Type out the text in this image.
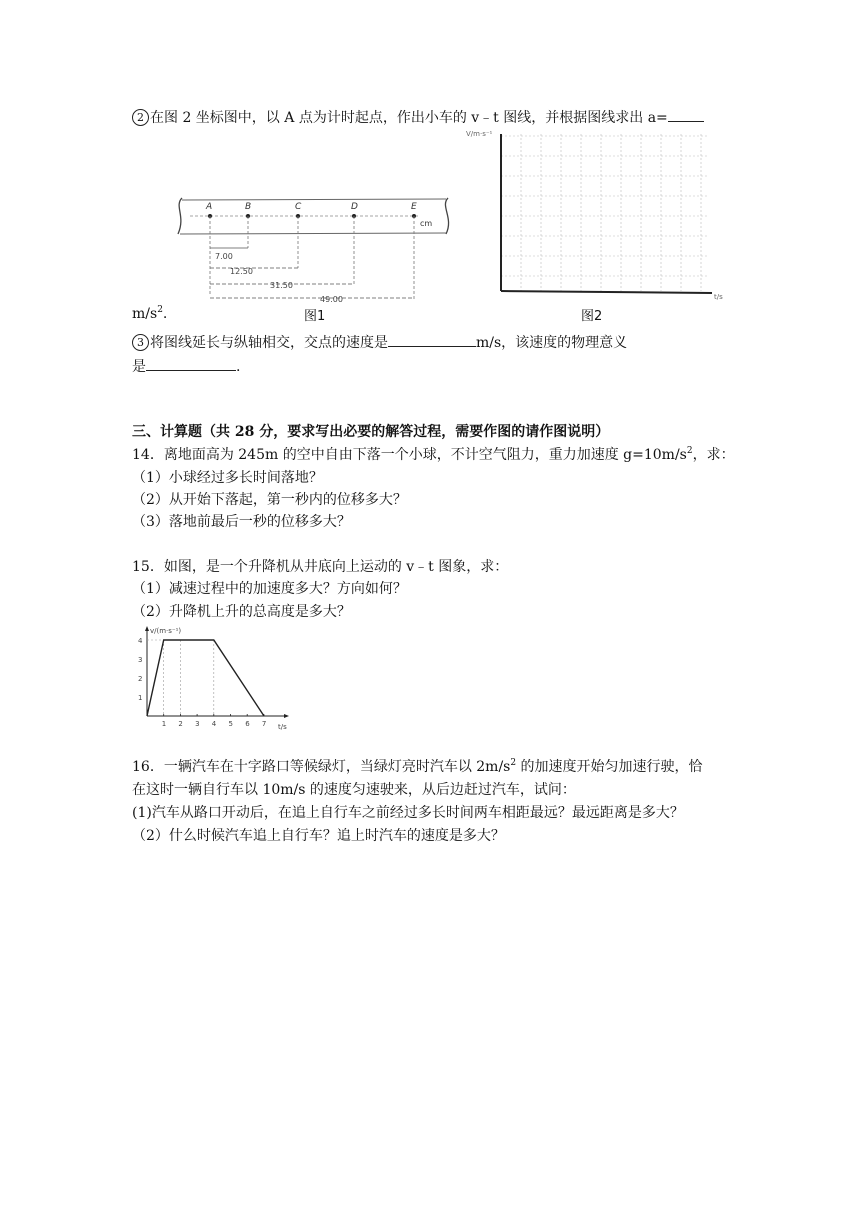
2 在图 2 坐标图中，以 A 点为计时起点，作出小车的 v﹣t 图线，并根据图线求出 a=
A	B	C	D	E
cm
7.00
12.50
31.50
49.00
V/m·s⁻¹
t/s
$m/s^2$.	图1	图2
3 将图线延长与纵轴相交，交点的速度是	m/s，该速度的物理意义
是	.
三、计算题（共 28 分，要求写出必要的解答过程，需要作图的请作图说明）
14．离地面高为 245m 的空中自由下落一个小球，不计空气阻力，重力加速度 $g=10m/s^2$，求：
（1）小球经过多长时间落地？
（2）从开始下落起，第一秒内的位移多大？
（3）落地前最后一秒的位移多大？
15．如图，是一个升降机从井底向上运动的 v﹣t 图象，求：
（1）减速过程中的加速度多大？方向如何？
（2）升降机上升的总高度是多大？
v/(m·s⁻¹)
t/s
1 2 3 4 5 6 7
4
3
2
1
16．一辆汽车在十字路口等候绿灯，当绿灯亮时汽车以 $2m/s^2$ 的加速度开始匀加速行驶，恰
在这时一辆自行车以 10m/s 的速度匀速驶来，从后边赶过汽车，试问：
(1)汽车从路口开动后，在追上自行车之前经过多长时间两车相距最远？最远距离是多大？
（2）什么时候汽车追上自行车？追上时汽车的速度是多大？
